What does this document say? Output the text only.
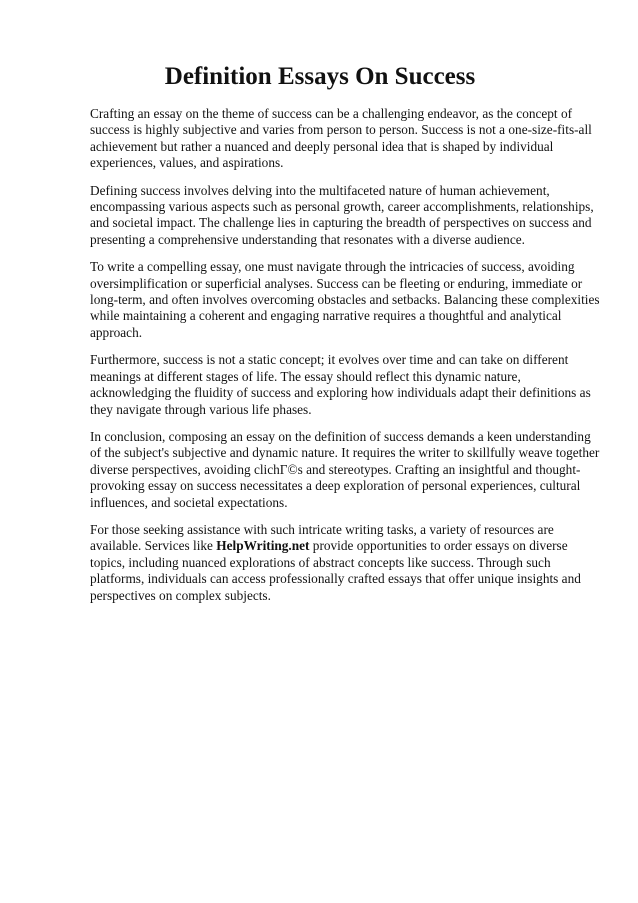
Definition Essays On Success

Crafting an essay on the theme of success can be a challenging endeavor, as the concept of success is highly subjective and varies from person to person. Success is not a one-size-fits-all achievement but rather a nuanced and deeply personal idea that is shaped by individual experiences, values, and aspirations.

Defining success involves delving into the multifaceted nature of human achievement, encompassing various aspects such as personal growth, career accomplishments, relationships, and societal impact. The challenge lies in capturing the breadth of perspectives on success and presenting a comprehensive understanding that resonates with a diverse audience.

To write a compelling essay, one must navigate through the intricacies of success, avoiding oversimplification or superficial analyses. Success can be fleeting or enduring, immediate or long-term, and often involves overcoming obstacles and setbacks. Balancing these complexities while maintaining a coherent and engaging narrative requires a thoughtful and analytical approach.

Furthermore, success is not a static concept; it evolves over time and can take on different meanings at different stages of life. The essay should reflect this dynamic nature, acknowledging the fluidity of success and exploring how individuals adapt their definitions as they navigate through various life phases.

In conclusion, composing an essay on the definition of success demands a keen understanding of the subject's subjective and dynamic nature. It requires the writer to skillfully weave together diverse perspectives, avoiding clichΓ©s and stereotypes. Crafting an insightful and thought-provoking essay on success necessitates a deep exploration of personal experiences, cultural influences, and societal expectations.

For those seeking assistance with such intricate writing tasks, a variety of resources are available. Services like HelpWriting.net provide opportunities to order essays on diverse topics, including nuanced explorations of abstract concepts like success. Through such platforms, individuals can access professionally crafted essays that offer unique insights and perspectives on complex subjects.
